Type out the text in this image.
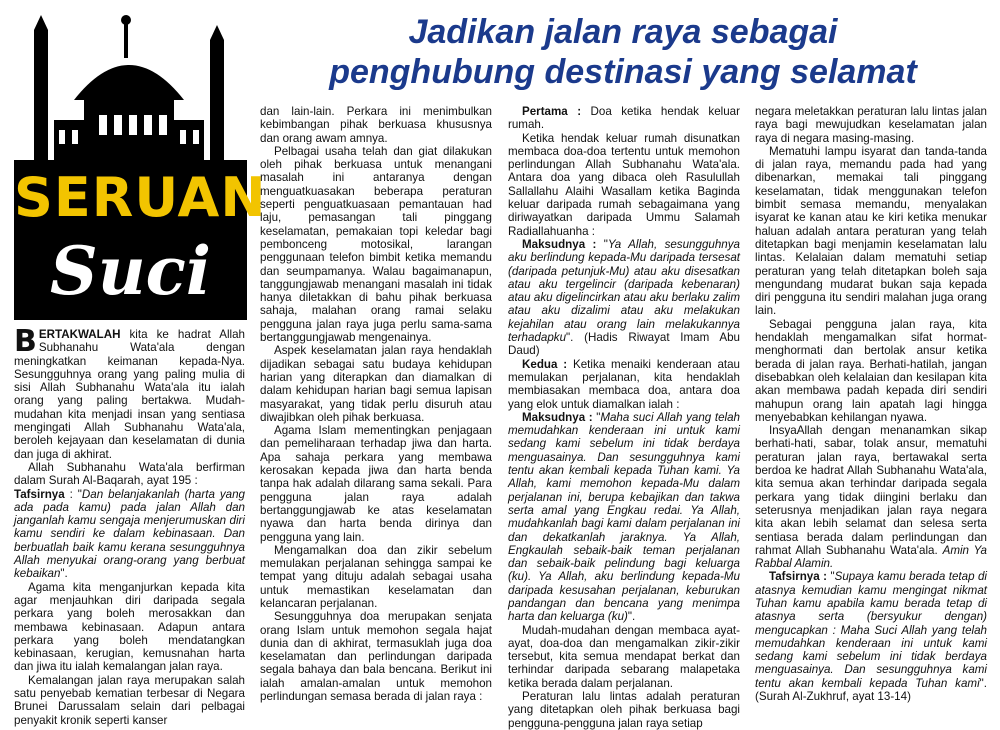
SERUAN
Suci
Jadikan jalan raya sebagai
penghubung destinasi yang selamat

BERTAKWALAH kita ke hadrat Allah Subhanahu Wata'ala dengan meningkatkan keimanan kepada-Nya. Sesungguhnya orang yang paling mulia di sisi Allah Subhanahu Wata'ala itu ialah orang yang paling bertakwa. Mudah-mudahan kita menjadi insan yang sentiasa mengingati Allah Subhanahu Wata'ala, beroleh kejayaan dan keselamatan di dunia dan juga di akhirat.

Allah Subhanahu Wata'ala berfirman dalam Surah Al-Baqarah, ayat 195 :

Tafsirnya : "Dan belanjakanlah (harta yang ada pada kamu) pada jalan Allah dan janganlah kamu sengaja menjerumuskan diri kamu sendiri ke dalam kebinasaan. Dan berbuatlah baik kamu kerana sesungguhnya Allah menyukai orang-orang yang berbuat kebaikan".

Agama kita menganjurkan kepada kita agar menjauhkan diri daripada segala perkara yang boleh merosakkan dan membawa kebinasaan. Adapun antara perkara yang boleh mendatangkan kebinasaan, kerugian, kemusnahan harta dan jiwa itu ialah kemalangan jalan raya.

Kemalangan jalan raya merupakan salah satu penyebab kematian terbesar di Negara Brunei Darussalam selain dari pelbagai penyakit kronik seperti kanser

dan lain-lain. Perkara ini menimbulkan kebimbangan pihak berkuasa khususnya dan orang awam amnya.

Pelbagai usaha telah dan giat dilakukan oleh pihak berkuasa untuk menangani masalah ini antaranya dengan menguatkuasakan beberapa peraturan seperti penguatkuasaan pemantauan had laju, pemasangan tali pinggang keselamatan, pemakaian topi keledar bagi pembonceng motosikal, larangan penggunaan telefon bimbit ketika memandu dan seumpamanya. Walau bagaimanapun, tanggungjawab menangani masalah ini tidak hanya diletakkan di bahu pihak berkuasa sahaja, malahan orang ramai selaku pengguna jalan raya juga perlu sama-sama bertanggungjawab mengenainya.

Aspek keselamatan jalan raya hendaklah dijadikan sebagai satu budaya kehidupan harian yang diterapkan dan diamalkan di dalam kehidupan harian bagi semua lapisan masyarakat, yang tidak perlu disuruh atau diwajibkan oleh pihak berkuasa.

Agama Islam mementingkan penjagaan dan pemeliharaan terhadap jiwa dan harta. Apa sahaja perkara yang membawa kerosakan kepada jiwa dan harta benda tanpa hak adalah dilarang sama sekali. Para pengguna jalan raya adalah bertanggungjawab ke atas keselamatan nyawa dan harta benda dirinya dan pengguna yang lain.

Mengamalkan doa dan zikir sebelum memulakan perjalanan sehingga sampai ke tempat yang dituju adalah sebagai usaha untuk memastikan keselamatan dan kelancaran perjalanan.

Sesungguhnya doa merupakan senjata orang Islam untuk memohon segala hajat dunia dan di akhirat, termasuklah juga doa keselamatan dan perlindungan daripada segala bahaya dan bala bencana. Berikut ini ialah amalan-amalan untuk memohon perlindungan semasa berada di jalan raya :

Pertama : Doa ketika hendak keluar rumah.

Ketika hendak keluar rumah disunatkan membaca doa-doa tertentu untuk memohon perlindungan Allah Subhanahu Wata'ala. Antara doa yang dibaca oleh Rasulullah Sallallahu Alaihi Wasallam ketika Baginda keluar daripada rumah sebagaimana yang diriwayatkan daripada Ummu Salamah Radiallahuanha :

Maksudnya : "Ya Allah, sesungguhnya aku berlindung kepada-Mu daripada tersesat (daripada petunjuk-Mu) atau aku disesatkan atau aku tergelincir (daripada kebenaran) atau aku digelincirkan atau aku berlaku zalim atau aku dizalimi atau aku melakukan kejahilan atau orang lain melakukannya terhadapku". (Hadis Riwayat Imam Abu Daud)

Kedua : Ketika menaiki kenderaan atau memulakan perjalanan, kita hendaklah membiasakan membaca doa, antara doa yang elok untuk diamalkan ialah :

Maksudnya : "Maha suci Allah yang telah memudahkan kenderaan ini untuk kami sedang kami sebelum ini tidak berdaya menguasainya. Dan sesungguhnya kami tentu akan kembali kepada Tuhan kami. Ya Allah, kami memohon kepada-Mu dalam perjalanan ini, berupa kebajikan dan takwa serta amal yang Engkau redai. Ya Allah, mudahkanlah bagi kami dalam perjalanan ini dan dekatkanlah jaraknya. Ya Allah, Engkaulah sebaik-baik teman perjalanan dan sebaik-baik pelindung bagi keluarga (ku). Ya Allah, aku berlindung kepada-Mu daripada kesusahan perjalanan, keburukan pandangan dan bencana yang menimpa harta dan keluarga (ku)".

Mudah-mudahan dengan membaca ayat-ayat, doa-doa dan mengamalkan zikir-zikir tersebut, kita semua mendapat berkat dan terhindar daripada sebarang malapetaka ketika berada dalam perjalanan.

Peraturan lalu lintas adalah peraturan yang ditetapkan oleh pihak berkuasa bagi pengguna-pengguna jalan raya setiap

negara meletakkan peraturan lalu lintas jalan raya bagi mewujudkan keselamatan jalan raya di negara masing-masing.

Mematuhi lampu isyarat dan tanda-tanda di jalan raya, memandu pada had yang dibenarkan, memakai tali pinggang keselamatan, tidak menggunakan telefon bimbit semasa memandu, menyalakan isyarat ke kanan atau ke kiri ketika menukar haluan adalah antara peraturan yang telah ditetapkan bagi menjamin keselamatan lalu lintas. Kelalaian dalam mematuhi setiap peraturan yang telah ditetapkan boleh saja mengundang mudarat bukan saja kepada diri pengguna itu sendiri malahan juga orang lain.

Sebagai pengguna jalan raya, kita hendaklah mengamalkan sifat hormat-menghormati dan bertolak ansur ketika berada di jalan raya. Berhati-hatilah, jangan disebabkan oleh kelalaian dan kesilapan kita akan membawa padah kepada diri sendiri mahupun orang lain apatah lagi hingga menyebabkan kehilangan nyawa.

InsyaAllah dengan menanamkan sikap berhati-hati, sabar, tolak ansur, mematuhi peraturan jalan raya, bertawakal serta berdoa ke hadrat Allah Subhanahu Wata'ala, kita semua akan terhindar daripada segala perkara yang tidak diingini berlaku dan seterusnya menjadikan jalan raya negara kita akan lebih selamat dan selesa serta sentiasa berada dalam perlindungan dan rahmat Allah Subhanahu Wata'ala. Amin Ya Rabbal Alamin.

Tafsirnya : "Supaya kamu berada tetap di atasnya kemudian kamu mengingat nikmat Tuhan kamu apabila kamu berada tetap di atasnya serta (bersyukur dengan) mengucapkan : Maha Suci Allah yang telah memudahkan kenderaan ini untuk kami sedang kami sebelum ini tidak berdaya menguasainya. Dan sesungguhnya kami tentu akan kembali kepada Tuhan kami". (Surah Al-Zukhruf, ayat 13-14)
